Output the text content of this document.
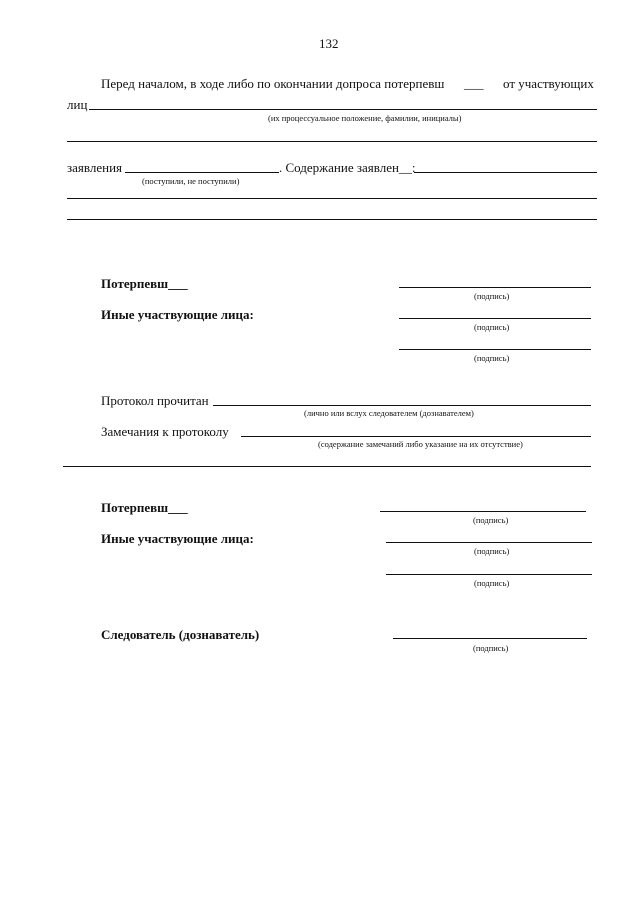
132
Перед началом, в ходе либо по окончании допроса потерпевш ___ от участвующих
лиц
(их процессуальное положение, фамилии, инициалы)
заявления
(поступили, не поступили)
. Содержание заявлен__:
Потерпевш___
(подпись)
Иные участвующие лица:
(подпись)
(подпись)
Протокол прочитан
(лично или вслух следователем (дознавателем)
Замечания к протоколу
(содержание замечаний либо указание на их отсутствие)
Потерпевш___
(подпись)
Иные участвующие лица:
(подпись)
(подпись)
Следователь (дознаватель)
(подпись)
